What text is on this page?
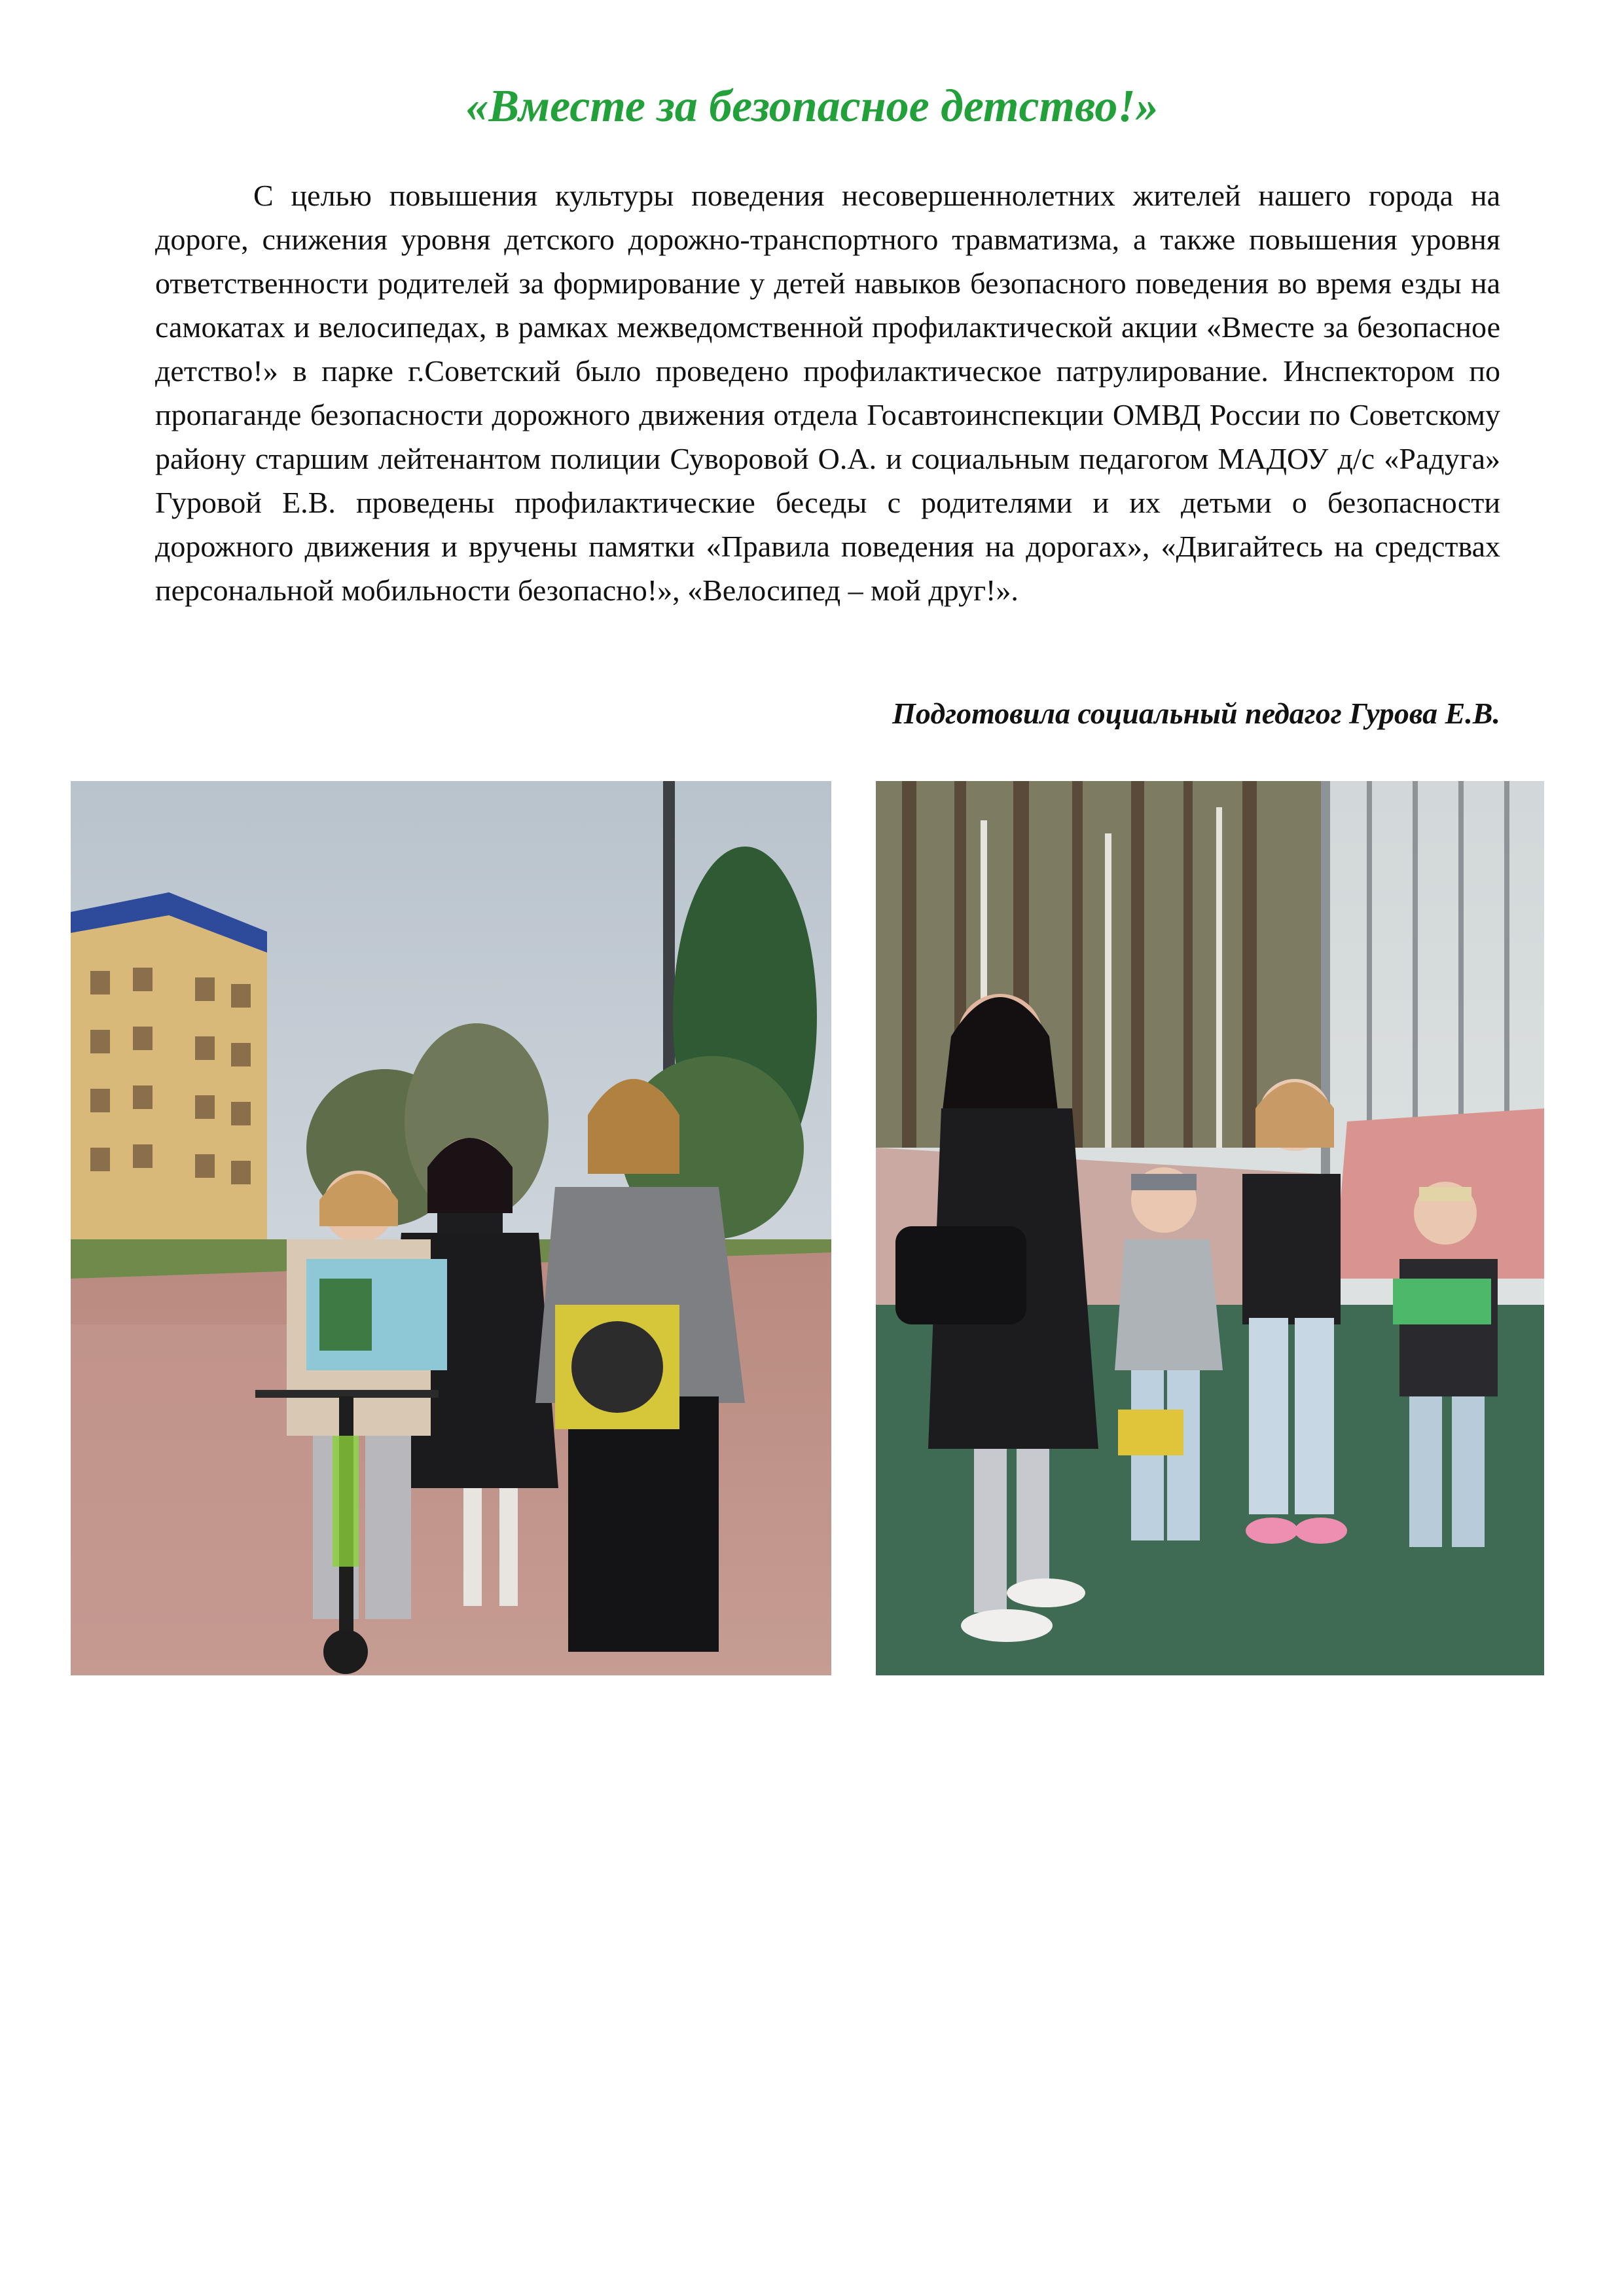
«Вместе за безопасное детство!»

С целью повышения культуры поведения несовершеннолетних жителей нашего города на дороге, снижения уровня детского дорожно-транспортного травматизма, а также повышения уровня ответственности родителей за формирование у детей навыков безопасного поведения во время езды на самокатах и велосипедах, в рамках межведомственной профилактической акции «Вместе за безопасное детство!» в парке г.Советский было проведено профилактическое патрулирование. Инспектором по пропаганде безопасности дорожного движения отдела Госавтоинспекции ОМВД России по Советскому району старшим лейтенантом полиции Суворовой О.А. и социальным педагогом МАДОУ д/с «Радуга» Гуровой Е.В. проведены профилактические беседы с родителями и их детьми о безопасности дорожного движения и вручены памятки «Правила поведения на дорогах», «Двигайтесь на средствах персональной мобильности безопасно!», «Велосипед – мой друг!».

Подготовила социальный педагог Гурова Е.В.
